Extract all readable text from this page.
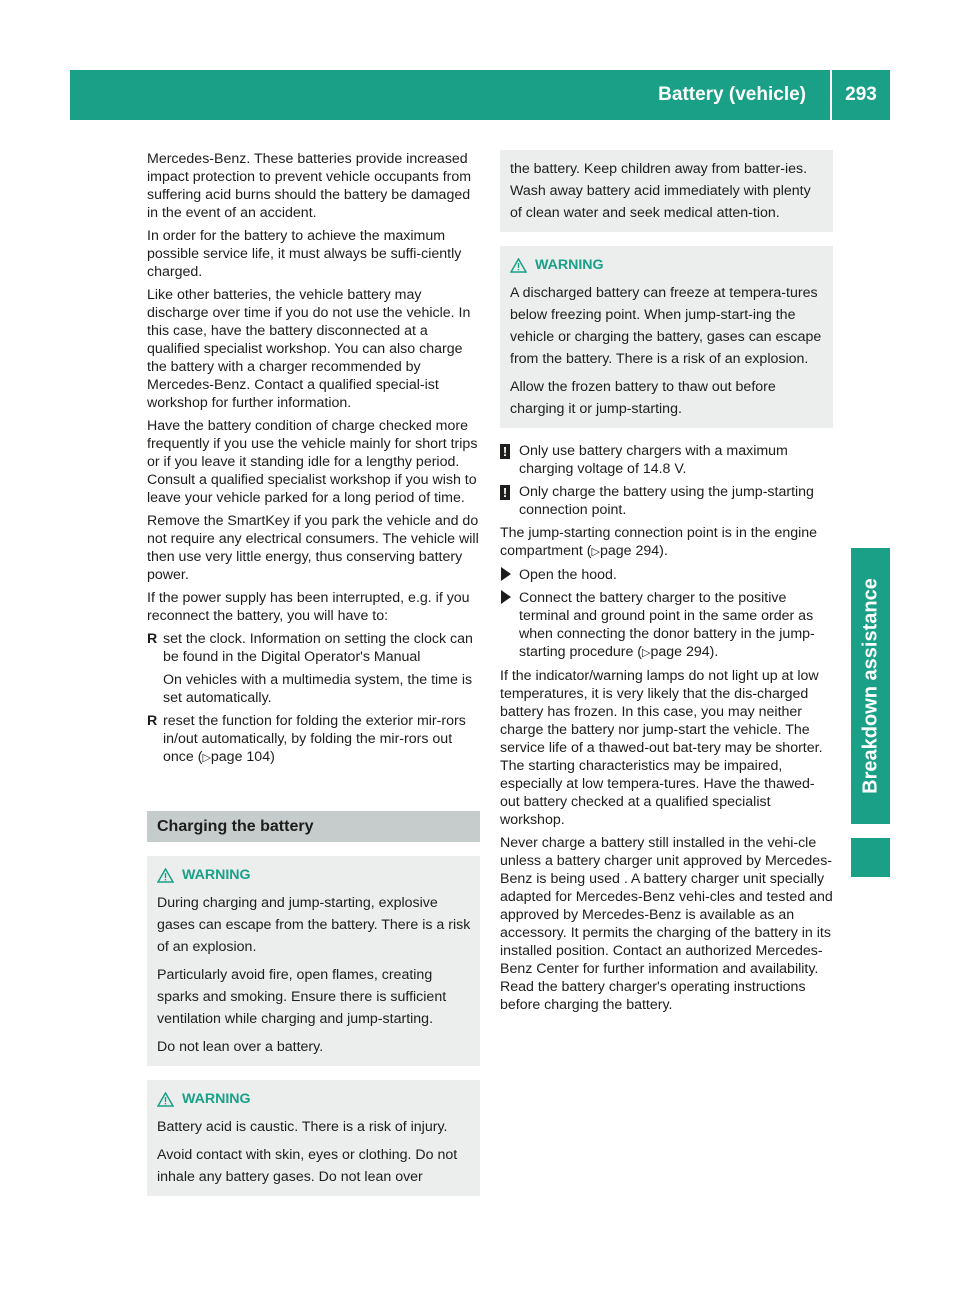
Battery (vehicle)	293
Breakdown assistance

Mercedes-Benz. These batteries provide increased impact protection to prevent vehicle occupants from suffering acid burns should the battery be damaged in the event of an accident.

In order for the battery to achieve the maximum possible service life, it must always be suffi-ciently charged.

Like other batteries, the vehicle battery may discharge over time if you do not use the vehicle. In this case, have the battery disconnected at a qualified specialist workshop. You can also charge the battery with a charger recommended by Mercedes-Benz. Contact a qualified special-ist workshop for further information.

Have the battery condition of charge checked more frequently if you use the vehicle mainly for short trips or if you leave it standing idle for a lengthy period. Consult a qualified specialist workshop if you wish to leave your vehicle parked for a long period of time.

Remove the SmartKey if you park the vehicle and do not require any electrical consumers. The vehicle will then use very little energy, thus conserving battery power.

If the power supply has been interrupted, e.g. if you reconnect the battery, you will have to:

R set the clock. Information on setting the clock can be found in the Digital Operator's Manual
On vehicles with a multimedia system, the time is set automatically.
R reset the function for folding the exterior mir-rors in/out automatically, by folding the mir-rors out once (▷page 104)
Charging the battery
WARNING

During charging and jump-starting, explosive gases can escape from the battery. There is a risk of an explosion.

Particularly avoid fire, open flames, creating sparks and smoking. Ensure there is sufficient ventilation while charging and jump-starting.

Do not lean over a battery.

WARNING

Battery acid is caustic. There is a risk of injury.

Avoid contact with skin, eyes or clothing. Do not inhale any battery gases. Do not lean over

the battery. Keep children away from batter-ies. Wash away battery acid immediately with plenty of clean water and seek medical atten-tion.

WARNING

A discharged battery can freeze at tempera-tures below freezing point. When jump-start-ing the vehicle or charging the battery, gases can escape from the battery. There is a risk of an explosion.

Allow the frozen battery to thaw out before charging it or jump-starting.

! Only use battery chargers with a maximum charging voltage of 14.8 V.
! Only charge the battery using the jump-starting connection point.

The jump-starting connection point is in the engine compartment (▷page 294).

Open the hood.
Connect the battery charger to the positive terminal and ground point in the same order as when connecting the donor battery in the jump-starting procedure (▷page 294).

If the indicator/warning lamps do not light up at low temperatures, it is very likely that the dis-charged battery has frozen. In this case, you may neither charge the battery nor jump-start the vehicle. The service life of a thawed-out bat-tery may be shorter. The starting characteristics may be impaired, especially at low tempera-tures. Have the thawed-out battery checked at a qualified specialist workshop.

Never charge a battery still installed in the vehi-cle unless a battery charger unit approved by Mercedes-Benz is being used . A battery charger unit specially adapted for Mercedes-Benz vehi-cles and tested and approved by Mercedes-Benz is available as an accessory. It permits the charging of the battery in its installed position. Contact an authorized Mercedes-Benz Center for further information and availability. Read the battery charger's operating instructions before charging the battery.
